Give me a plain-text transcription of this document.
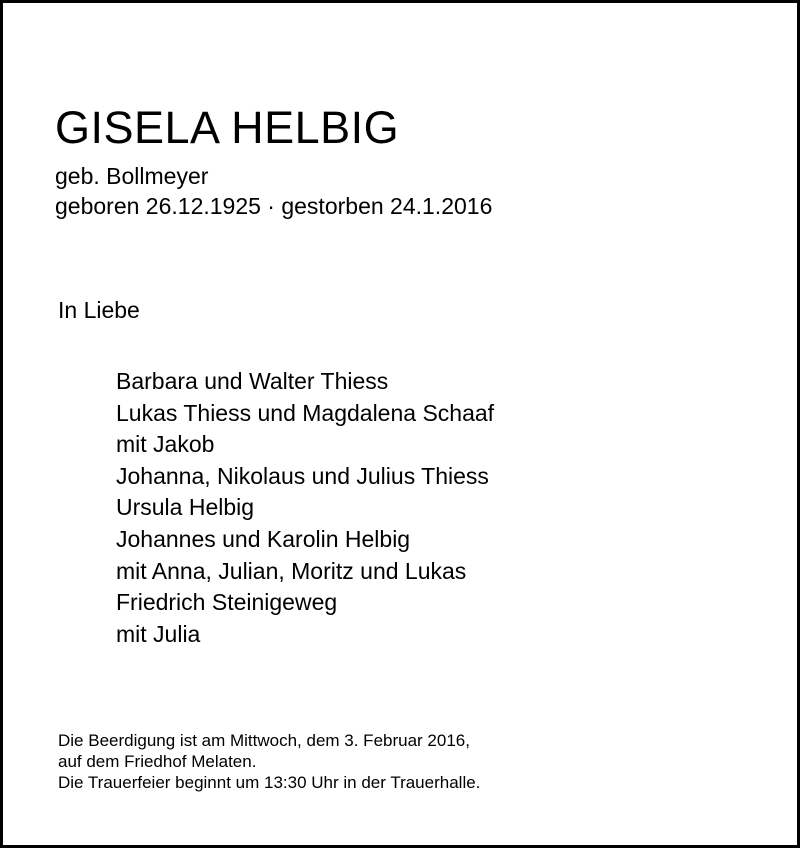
GISELA HELBIG
geb. Bollmeyer
geboren 26.12.1925 · gestorben 24.1.2016
In Liebe
Barbara und Walter Thiess
Lukas Thiess und Magdalena Schaaf
mit Jakob
Johanna, Nikolaus und Julius Thiess
Ursula Helbig
Johannes und Karolin Helbig
mit Anna, Julian, Moritz und Lukas
Friedrich Steinigeweg
mit Julia
Die Beerdigung ist am Mittwoch, dem 3. Februar 2016,
auf dem Friedhof Melaten.
Die Trauerfeier beginnt um 13:30 Uhr in der Trauerhalle.
